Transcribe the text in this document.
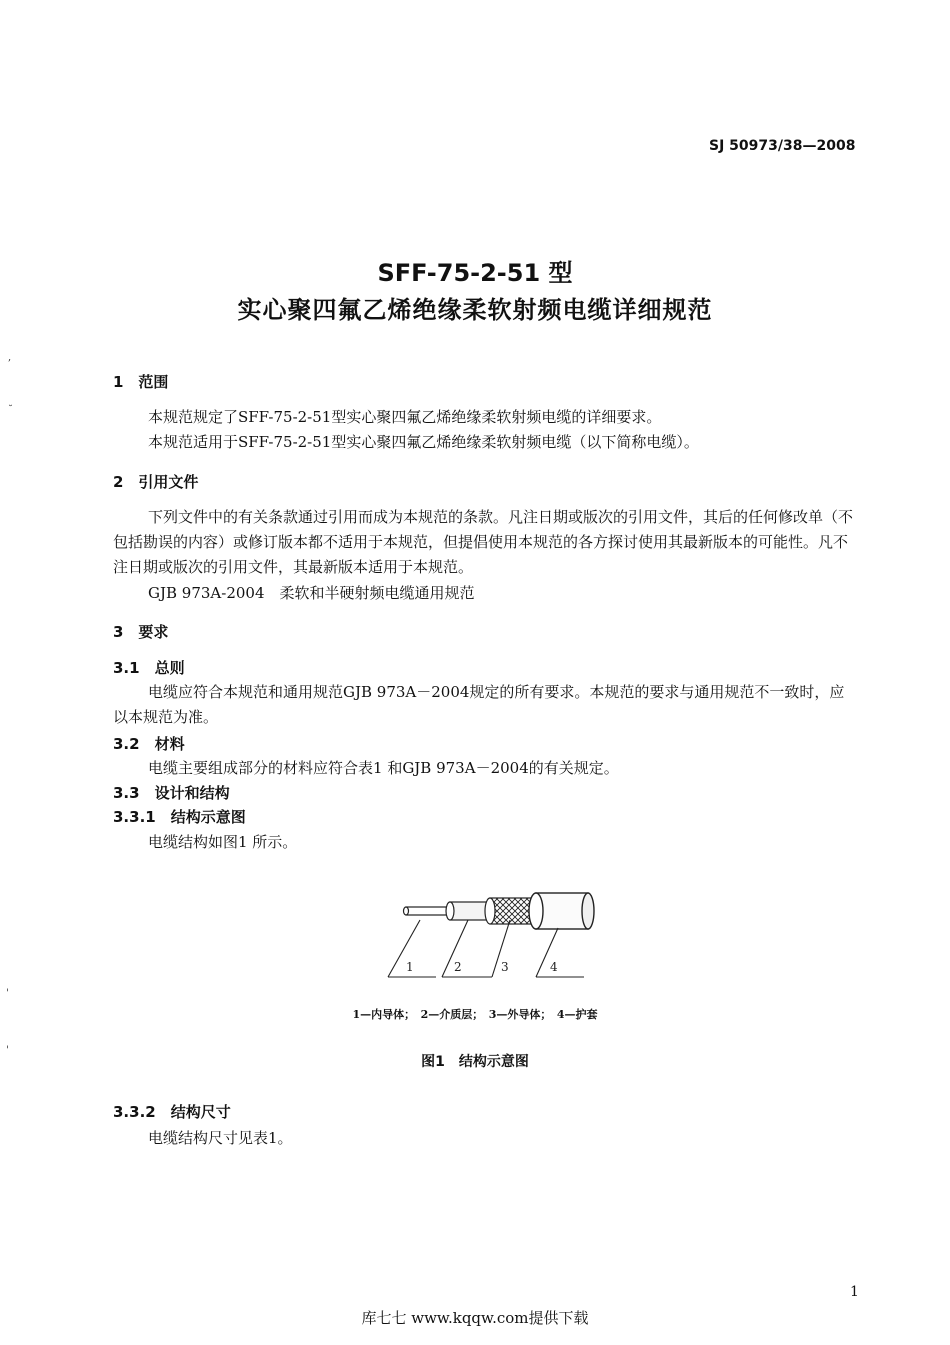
SJ 50973/38—2008
SFF-75-2-51 型
实心聚四氟乙烯绝缘柔软射频电缆详细规范
,
˘
'
'
1　范围
本规范规定了SFF-75-2-51型实心聚四氟乙烯绝缘柔软射频电缆的详细要求。
本规范适用于SFF-75-2-51型实心聚四氟乙烯绝缘柔软射频电缆（以下简称电缆）。
2　引用文件
下列文件中的有关条款通过引用而成为本规范的条款。凡注日期或版次的引用文件，其后的任何修改单（不包括勘误的内容）或修订版本都不适用于本规范，但提倡使用本规范的各方探讨使用其最新版本的可能性。凡不注日期或版次的引用文件，其最新版本适用于本规范。
GJB 973A-2004　柔软和半硬射频电缆通用规范
3　要求
3.1　总则
电缆应符合本规范和通用规范GJB 973A－2004规定的所有要求。本规范的要求与通用规范不一致时，应以本规范为准。
3.2　材料
电缆主要组成部分的材料应符合表1 和GJB 973A－2004的有关规定。
3.3　设计和结构
3.3.1　结构示意图
电缆结构如图1 所示。
1	2	3	4
1—内导体；　2—介质层；　3—外导体；　4—护套
图1　结构示意图
3.3.2　结构尺寸
电缆结构尺寸见表1。
1
库七七 www.kqqw.com提供下载
